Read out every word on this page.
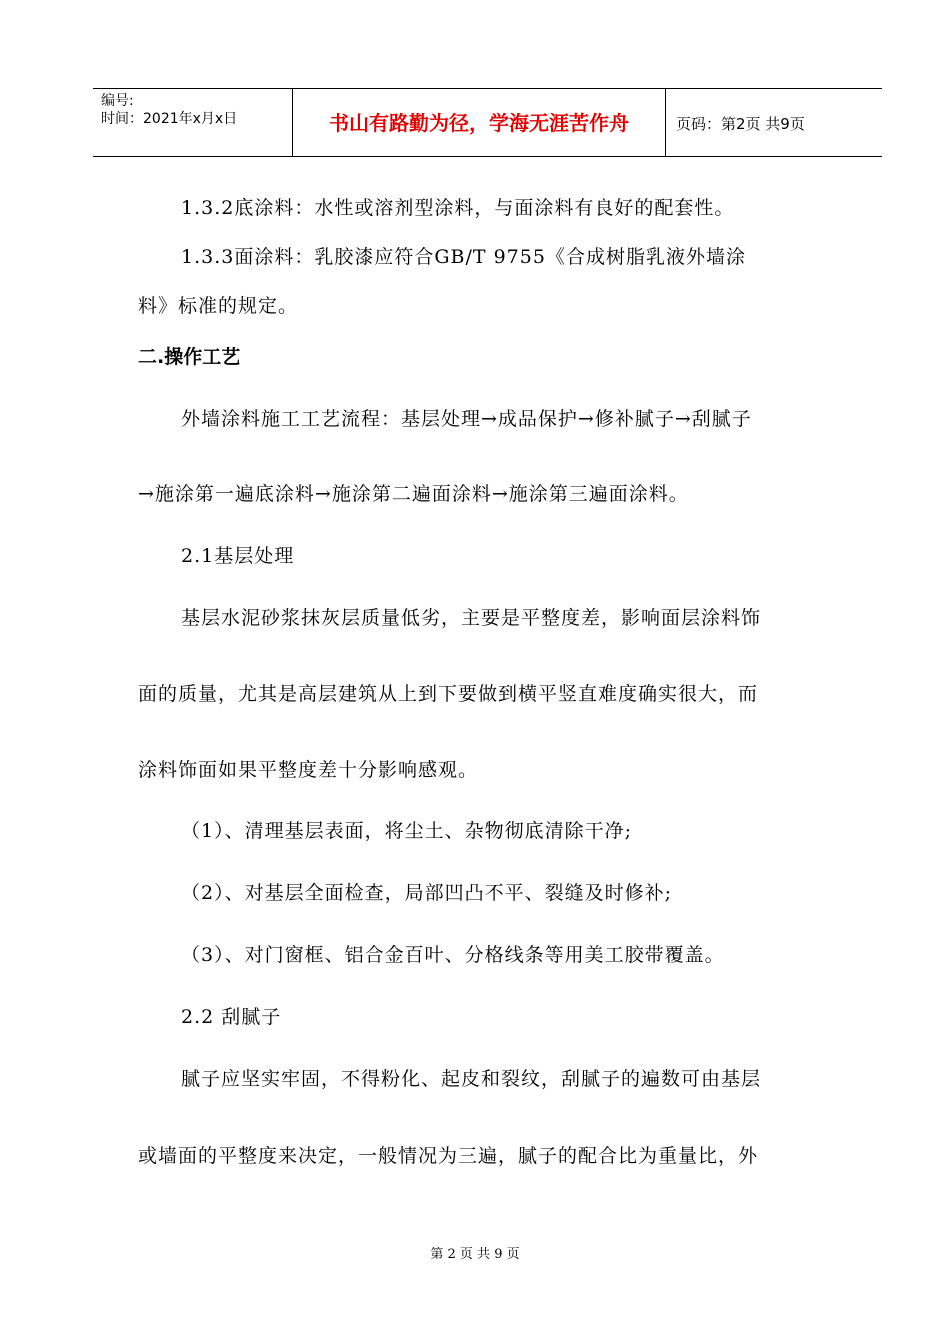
编号:
时间：2021年x月x日	书山有路勤为径，学海无涯苦作舟	页码：第2页 共9页
1.3.2底涂料：水性或溶剂型涂料，与面涂料有良好的配套性。
1.3.3面涂料：乳胶漆应符合GB/T 9755《合成树脂乳液外墙涂
料》标准的规定。
二.操作工艺
外墙涂料施工工艺流程：基层处理→成品保护→修补腻子→刮腻子
→施涂第一遍底涂料→施涂第二遍面涂料→施涂第三遍面涂料。
2.1基层处理
基层水泥砂浆抹灰层质量低劣，主要是平整度差，影响面层涂料饰
面的质量，尤其是高层建筑从上到下要做到横平竖直难度确实很大，而
涂料饰面如果平整度差十分影响感观。
（1）、清理基层表面，将尘土、杂物彻底清除干净;
（2）、对基层全面检查，局部凹凸不平、裂缝及时修补;
（3）、对门窗框、铝合金百叶、分格线条等用美工胶带覆盖。
2.2 刮腻子
腻子应坚实牢固，不得粉化、起皮和裂纹，刮腻子的遍数可由基层
或墙面的平整度来决定，一般情况为三遍，腻子的配合比为重量比，外
第 2 页 共 9 页
